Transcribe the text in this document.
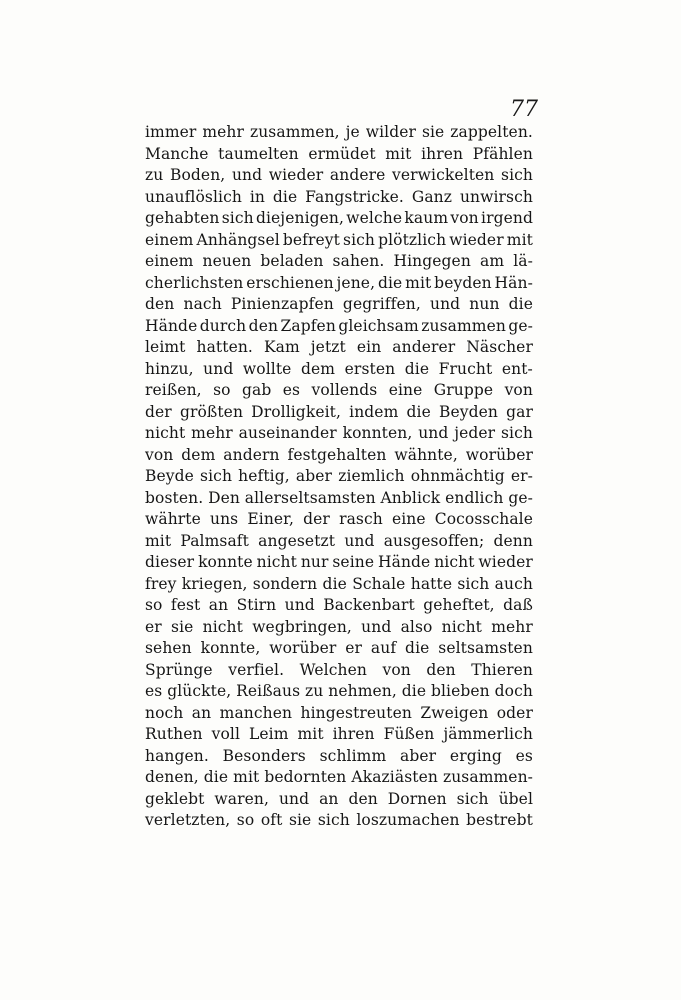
77
immer mehr zusammen, je wilder sie zappelten.
Manche taumelten ermüdet mit ihren Pfählen
zu Boden, und wieder andere verwickelten sich
unauflöslich in die Fangstricke. Ganz unwirsch
gehabten sich diejenigen, welche kaum von irgend
einem Anhängsel befreyt sich plötzlich wieder mit
einem neuen beladen sahen. Hingegen am lä-
cherlichsten erschienen jene, die mit beyden Hän-
den nach Pinienzapfen gegriffen, und nun die
Hände durch den Zapfen gleichsam zusammen ge-
leimt hatten. Kam jetzt ein anderer Näscher
hinzu, und wollte dem ersten die Frucht ent-
reißen, so gab es vollends eine Gruppe von
der größten Drolligkeit, indem die Beyden gar
nicht mehr auseinander konnten, und jeder sich
von dem andern festgehalten wähnte, worüber
Beyde sich heftig, aber ziemlich ohnmächtig er-
bosten. Den allerseltsamsten Anblick endlich ge-
währte uns Einer, der rasch eine Cocosschale
mit Palmsaft angesetzt und ausgesoffen; denn
dieser konnte nicht nur seine Hände nicht wieder
frey kriegen, sondern die Schale hatte sich auch
so fest an Stirn und Backenbart geheftet, daß
er sie nicht wegbringen, und also nicht mehr
sehen konnte, worüber er auf die seltsamsten
Sprünge verfiel. Welchen von den Thieren
es glückte, Reißaus zu nehmen, die blieben doch
noch an manchen hingestreuten Zweigen oder
Ruthen voll Leim mit ihren Füßen jämmerlich
hangen. Besonders schlimm aber erging es
denen, die mit bedornten Akaziästen zusammen-
geklebt waren, und an den Dornen sich übel
verletzten, so oft sie sich loszumachen bestrebt
